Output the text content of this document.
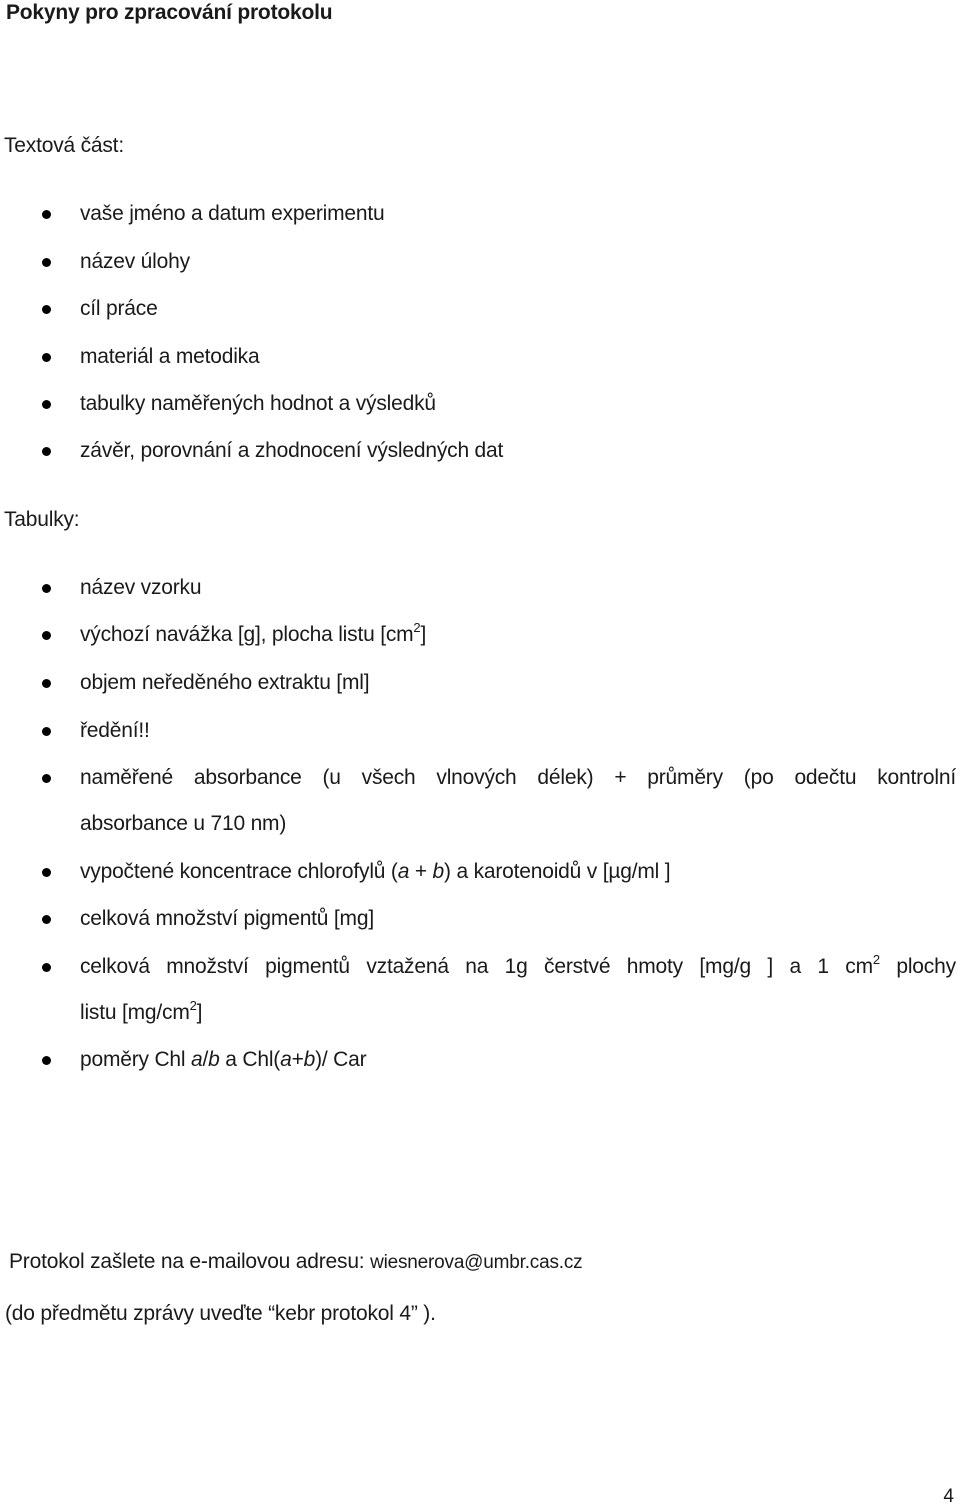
Pokyny pro zpracování protokolu
Textová část:
vaše jméno a datum experimentu
název úlohy
cíl práce
materiál a metodika
tabulky naměřených hodnot a výsledků
závěr, porovnání a zhodnocení výsledných dat
Tabulky:
název vzorku
výchozí navážka [g], plocha listu $[cm^2]$
objem neředěného extraktu [ml]
ředění!!
naměřené absorbance (u všech vlnových délek) + průměry (po odečtu kontrolní
absorbance u 710 nm)
vypočtené koncentrace chlorofylů (a + b) a karotenoidů v [µg/ml ]
celková množství pigmentů [mg]
celková množství pigmentů vztažená na 1g čerstvé hmoty [mg/g ] a 1 $cm^2$ plochy
listu $[mg/cm^2]$
poměry Chl a/b a Chl(a+b)/ Car
Protokol zašlete na e-mailovou adresu: wiesnerova@umbr.cas.cz
(do předmětu zprávy uveďte “kebr protokol 4” ).
4
